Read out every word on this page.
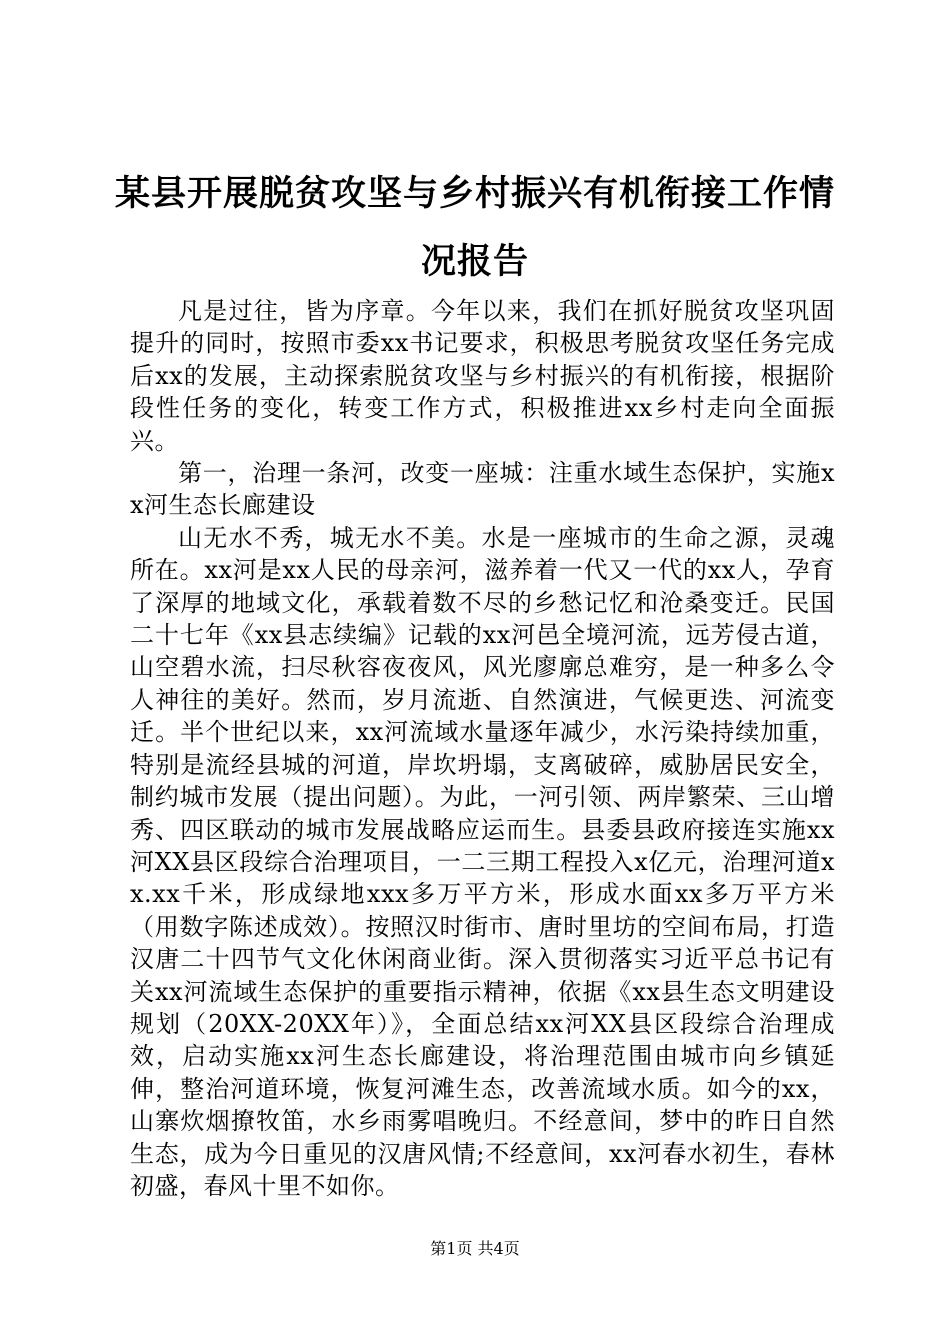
某县开展脱贫攻坚与乡村振兴有机衔接工作情况报告

凡是过往，皆为序章。今年以来，我们在抓好脱贫攻坚巩固提升的同时，按照市委xx书记要求，积极思考脱贫攻坚任务完成后xx的发展，主动探索脱贫攻坚与乡村振兴的有机衔接，根据阶段性任务的变化，转变工作方式，积极推进xx乡村走向全面振兴。

第一，治理一条河，改变一座城：注重水域生态保护，实施xx河生态长廊建设

山无水不秀，城无水不美。水是一座城市的生命之源，灵魂所在。xx河是xx人民的母亲河，滋养着一代又一代的xx人，孕育了深厚的地域文化，承载着数不尽的乡愁记忆和沧桑变迁。民国二十七年《xx县志续编》记载的xx河邑全境河流，远芳侵古道，山空碧水流，扫尽秋容夜夜风，风光廖廓总难穷，是一种多么令人神往的美好。然而，岁月流逝、自然演进，气候更迭、河流变迁。半个世纪以来，xx河流域水量逐年减少，水污染持续加重，特别是流经县城的河道，岸坎坍塌，支离破碎，威胁居民安全，制约城市发展（提出问题）。为此，一河引领、两岸繁荣、三山增秀、四区联动的城市发展战略应运而生。县委县政府接连实施xx河XX县区段综合治理项目，一二三期工程投入x亿元，治理河道xx.xx千米，形成绿地xxx多万平方米，形成水面xx多万平方米（用数字陈述成效）。按照汉时街市、唐时里坊的空间布局，打造汉唐二十四节气文化休闲商业街。深入贯彻落实习近平总书记有关xx河流域生态保护的重要指示精神，依据《xx县生态文明建设规划（20XX-20XX年）》，全面总结xx河XX县区段综合治理成效，启动实施xx河生态长廊建设，将治理范围由城市向乡镇延伸，整治河道环境，恢复河滩生态，改善流域水质。如今的xx，山寨炊烟撩牧笛，水乡雨雾唱晚归。不经意间，梦中的昨日自然生态，成为今日重见的汉唐风情;不经意间，xx河春水初生，春林初盛，春风十里不如你。

第1页 共4页
